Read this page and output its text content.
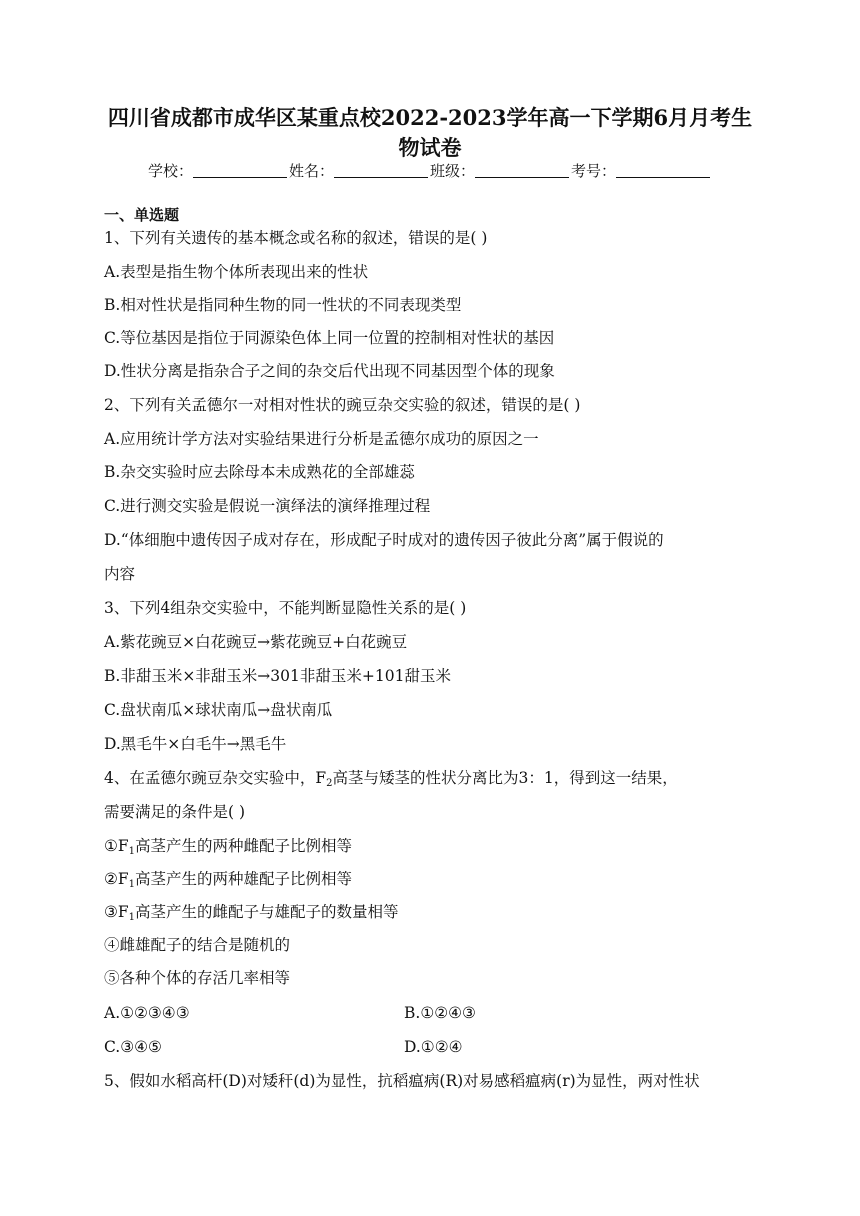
四川省成都市成华区某重点校2022-2023学年高一下学期6月月考生
物试卷
学校：	姓名：	班级：	考号：
一、单选题
1、下列有关遗传的基本概念或名称的叙述，错误的是( )
A.表型是指生物个体所表现出来的性状
B.相对性状是指同种生物的同一性状的不同表现类型
C.等位基因是指位于同源染色体上同一位置的控制相对性状的基因
D.性状分离是指杂合子之间的杂交后代出现不同基因型个体的现象
2、下列有关孟德尔一对相对性状的豌豆杂交实验的叙述，错误的是( )
A.应用统计学方法对实验结果进行分析是孟德尔成功的原因之一
B.杂交实验时应去除母本未成熟花的全部雄蕊
C.进行测交实验是假说一演绎法的演绎推理过程
D.“体细胞中遗传因子成对存在，形成配子时成对的遗传因子彼此分离”属于假说的
内容
3、下列4组杂交实验中，不能判断显隐性关系的是( )
A.紫花豌豆×白花豌豆→紫花豌豆+白花豌豆
B.非甜玉米×非甜玉米→301非甜玉米+101甜玉米
C.盘状南瓜×球状南瓜→盘状南瓜
D.黑毛牛×白毛牛→黑毛牛
4、在孟德尔豌豆杂交实验中，$F_2$高茎与矮茎的性状分离比为3：1，得到这一结果，
需要满足的条件是( )
$①F_1$高茎产生的两种雌配子比例相等
$②F_1$高茎产生的两种雄配子比例相等
$③F_1$高茎产生的雌配子与雄配子的数量相等
④雌雄配子的结合是随机的
⑤各种个体的存活几率相等
A.①②③④③	B.①②④③
C.③④⑤	D.①②④
5、假如水稻高杆(D)对矮秆(d)为显性，抗稻瘟病(R)对易感稻瘟病(r)为显性，两对性状
